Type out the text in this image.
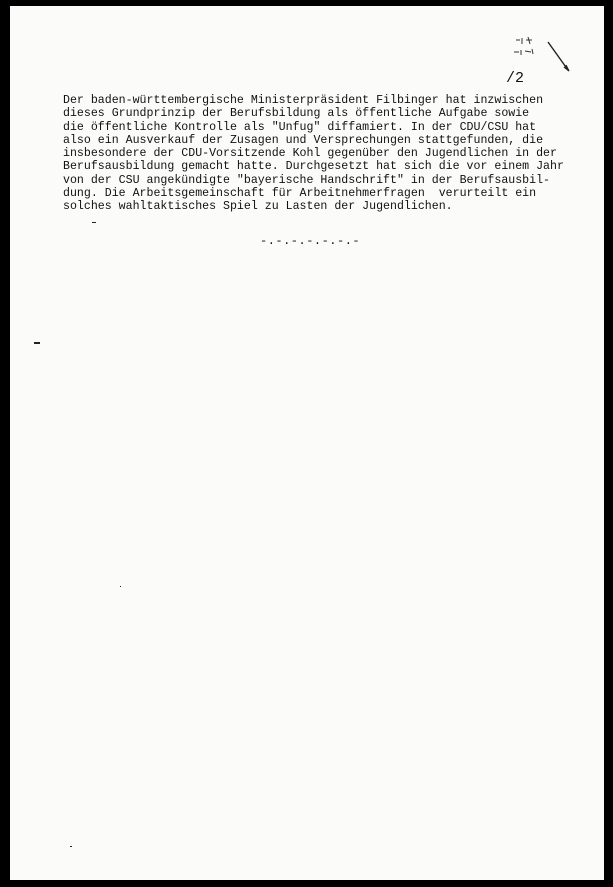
/2
Der baden-württembergische Ministerpräsident Filbinger hat inzwischen
dieses Grundprinzip der Berufsbildung als öffentliche Aufgabe sowie
die öffentliche Kontrolle als "Unfug" diffamiert. In der CDU/CSU hat
also ein Ausverkauf der Zusagen und Versprechungen stattgefunden, die
insbesondere der CDU-Vorsitzende Kohl gegenüber den Jugendlichen in der
Berufsausbildung gemacht hatte. Durchgesetzt hat sich die vor einem Jahr
von der CSU angekündigte "bayerische Handschrift" in der Berufsausbil-
dung. Die Arbeitsgemeinschaft für Arbeitnehmerfragen  verurteilt ein
solches wahltaktisches Spiel zu Lasten der Jugendlichen.
-.-.-.-.-.-.-
